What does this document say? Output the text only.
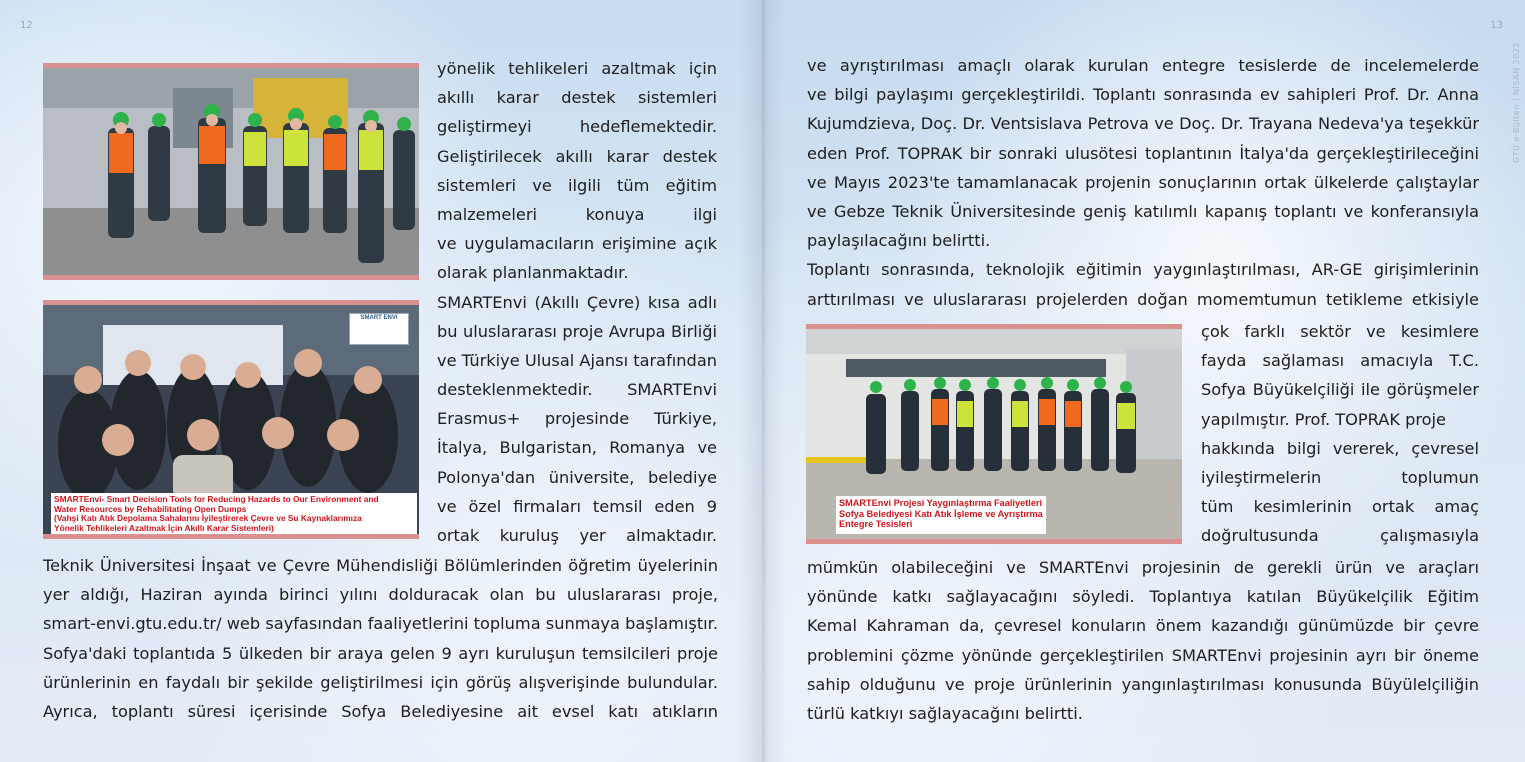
12
SMART ENVI
SMARTEnvi- Smart Decision Tools for Reducing Hazards to Our Environment and
Water Resources by Rehabilitating Open Dumps
(Vahşi Katı Atık Depolama Sahalarını İyileştirerek Çevre ve Su Kaynaklarımıza
Yönelik Tehlikeleri Azaltmak İçin Akıllı Karar Sistemleri)
yönelik tehlikeleri azaltmak için
akıllı karar destek sistemleri
geliştirmeyi hedeflemektedir.
Geliştirilecek akıllı karar destek
sistemleri ve ilgili tüm eğitim
malzemeleri konuya ilgi
ve uygulamacıların erişimine açık
olarak planlanmaktadır.
SMARTEnvi (Akıllı Çevre) kısa adlı
bu uluslararası proje Avrupa Birliği
ve Türkiye Ulusal Ajansı tarafından
desteklenmektedir. SMARTEnvi
Erasmus+ projesinde Türkiye,
İtalya, Bulgaristan, Romanya ve
Polonya'dan üniversite, belediye
ve özel firmaları temsil eden 9
ortak kuruluş yer almaktadır.
Teknik Üniversitesi İnşaat ve Çevre Mühendisliği Bölümlerinden öğretim üyelerinin
yer aldığı, Haziran ayında birinci yılını dolduracak olan bu uluslararası proje,
smart-envi.gtu.edu.tr/ web sayfasından faaliyetlerini topluma sunmaya başlamıştır.
Sofya'daki toplantıda 5 ülkeden bir araya gelen 9 ayrı kuruluşun temsilcileri proje
ürünlerinin en faydalı bir şekilde geliştirilmesi için görüş alışverişinde bulundular.
Ayrıca, toplantı süresi içerisinde Sofya Belediyesine ait evsel katı atıkların
13
GTÜ e-Bülten | NİSAN 2022
ve ayrıştırılması amaçlı olarak kurulan entegre tesislerde de incelemelerde
ve bilgi paylaşımı gerçekleştirildi. Toplantı sonrasında ev sahipleri Prof. Dr. Anna
Kujumdzieva, Doç. Dr. Ventsislava Petrova ve Doç. Dr. Trayana Nedeva'ya teşekkür
eden Prof. TOPRAK bir sonraki ulusötesi toplantının İtalya'da gerçekleştirileceğini
ve Mayıs 2023'te tamamlanacak projenin sonuçlarının ortak ülkelerde çalıştaylar
ve Gebze Teknik Üniversitesinde geniş katılımlı kapanış toplantı ve konferansıyla
paylaşılacağını belirtti.
Toplantı sonrasında, teknolojik eğitimin yaygınlaştırılması, AR-GE girişimlerinin
arttırılması ve uluslararası projelerden doğan momemtumun tetikleme etkisiyle
SMARTEnvi Projesi Yaygınlaştırma Faaliyetleri
Sofya Belediyesi Katı Atık İşleme ve Ayrıştırma
Entegre Tesisleri
çok farklı sektör ve kesimlere
fayda sağlaması amacıyla T.C.
Sofya Büyükelçiliği ile görüşmeler
yapılmıştır. Prof. TOPRAK proje
hakkında bilgi vererek, çevresel
iyileştirmelerin toplumun
tüm kesimlerinin ortak amaç
doğrultusunda çalışmasıyla
mümkün olabileceğini ve SMARTEnvi projesinin de gerekli ürün ve araçları
yönünde katkı sağlayacağını söyledi. Toplantıya katılan Büyükelçilik Eğitim
Kemal Kahraman da, çevresel konuların önem kazandığı günümüzde bir çevre
problemini çözme yönünde gerçekleştirilen SMARTEnvi projesinin ayrı bir öneme
sahip olduğunu ve proje ürünlerinin yangınlaştırılması konusunda Büyülelçiliğin
türlü katkıyı sağlayacağını belirtti.
